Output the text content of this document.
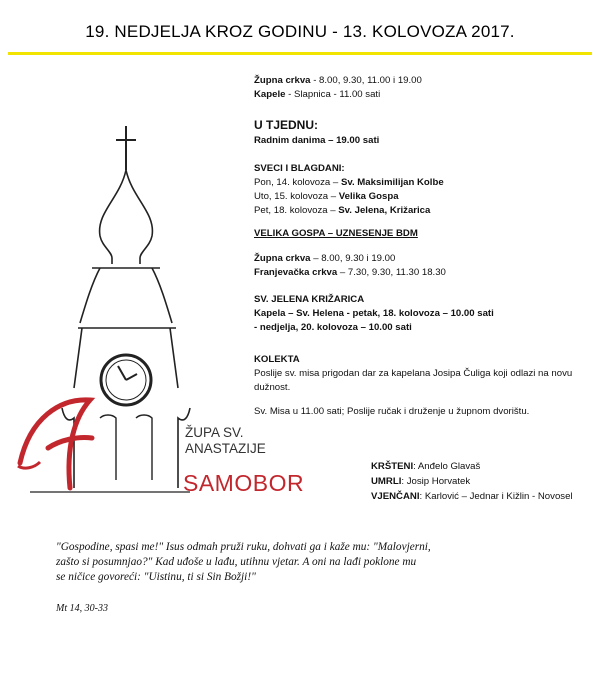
19. NEDJELJA KROZ GODINU - 13. KOLOVOZA 2017.
ŽUPA SV.
ANASTAZIJE
SAMOBOR
Župna crkva - 8.00, 9.30, 11.00 i 19.00
Kapele - Slapnica - 11.00 sati
U TJEDNU:
Radnim danima – 19.00 sati
SVECI I BLAGDANI:
Pon, 14. kolovoza – Sv. Maksimilijan Kolbe
Uto, 15. kolovoza – Velika Gospa
Pet, 18. kolovoza – Sv. Jelena, Križarica
VELIKA GOSPA – UZNESENJE BDM
Župna crkva – 8.00, 9.30 i 19.00
Franjevačka crkva – 7.30, 9.30, 11.30 18.30
SV. JELENA KRIŽARICA
Kapela – Sv. Helena - petak, 18. kolovoza – 10.00 sati
- nedjelja, 20. kolovoza – 10.00 sati
KOLEKTA
Poslije sv. misa prigodan dar za kapelana Josipa Čuliga koji odlazi na novu
dužnost.
Sv. Misa u 11.00 sati; Poslije ručak i druženje u župnom dvorištu.
KRŠTENI: Anđelo Glavaš
UMRLI: Josip Horvatek
VJENČANI: Karlović – Jednar i Kižlin - Novosel
"Gospodine, spasi me!" Isus odmah pruži ruku, dohvati ga i kaže mu: "Malovjerni,
zašto si posumnjao?" Kad uđoše u lađu, utihnu vjetar. A oni na lađi poklone mu
se ničice govoreći: "Uistinu, ti si Sin Božji!"
Mt 14, 30-33
